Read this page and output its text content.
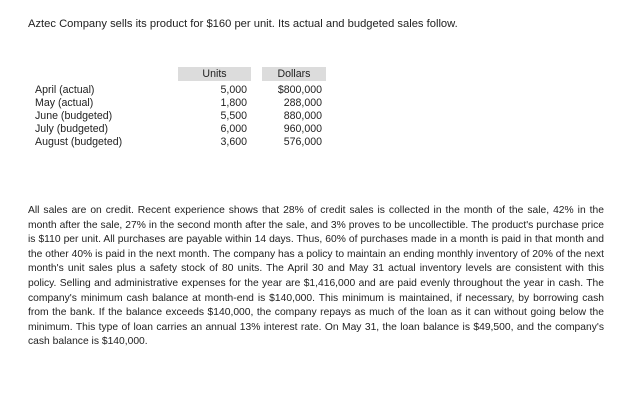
Aztec Company sells its product for $160 per unit. Its actual and budgeted sales follow.
	Units		Dollars
April (actual)	5,000		$800,000
May (actual)	1,800		288,000
June (budgeted)	5,500		880,000
July (budgeted)	6,000		960,000
August (budgeted)	3,600		576,000

All sales are on credit. Recent experience shows that 28% of credit sales is collected in the month of the sale, 42% in the month after the sale, 27% in the second month after the sale, and 3% proves to be uncollectible. The product's purchase price is $110 per unit. All purchases are payable within 14 days. Thus, 60% of purchases made in a month is paid in that month and the other 40% is paid in the next month. The company has a policy to maintain an ending monthly inventory of 20% of the next month's unit sales plus a safety stock of 80 units. The April 30 and May 31 actual inventory levels are consistent with this policy. Selling and administrative expenses for the year are $1,416,000 and are paid evenly throughout the year in cash. The company's minimum cash balance at month-end is $140,000. This minimum is maintained, if necessary, by borrowing cash from the bank. If the balance exceeds $140,000, the company repays as much of the loan as it can without going below the minimum. This type of loan carries an annual 13% interest rate. On May 31, the loan balance is $49,500, and the company's cash balance is $140,000.
